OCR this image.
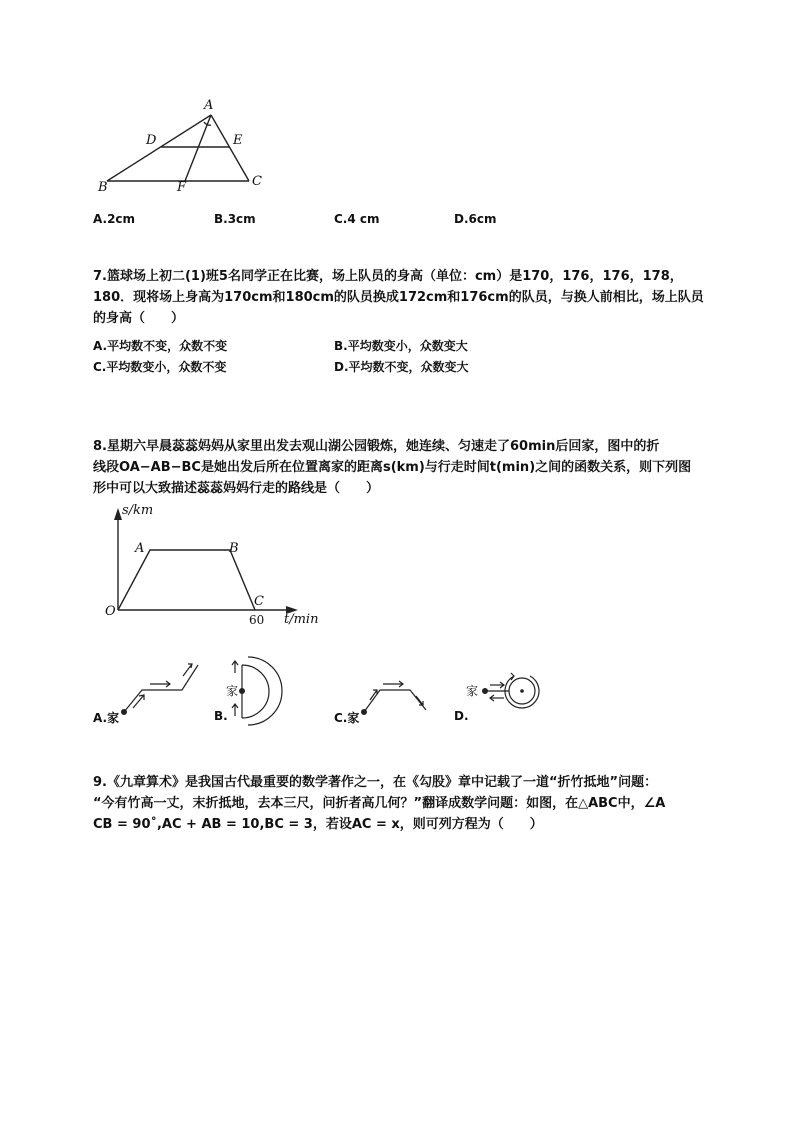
A
D	E
B	F	C
A.2cm	B.3cm	C.4 cm	D.6cm
7.篮球场上初二(1)班5名同学正在比赛，场上队员的身高（单位：cm）是170，176，176，178，
180．现将场上身高为170cm和180cm的队员换成172cm和176cm的队员，与换人前相比，场上队员
的身高（　　）
A.平均数不变，众数不变	B.平均数变小，众数变大
C.平均数变小，众数不变	D.平均数不变，众数变大
8.星期六早晨蕊蕊妈妈从家里出发去观山湖公园锻炼，她连续、匀速走了60min后回家，图中的折
线段OA−AB−BC是她出发后所在位置离家的距离s(km)与行走时间t(min)之间的函数关系，则下列图
形中可以大致描述蕊蕊妈妈行走的路线是（　　）
s/km
t/min
O
A	B
C
60
A.家	B.
家
C.家	D.
家
9.《九章算术》是我国古代最重要的数学著作之一，在《勾股》章中记载了一道“折竹抵地”问题：
“今有竹高一丈，末折抵地，去本三尺，问折者高几何？”翻译成数学问题：如图，在△ABC中，∠A
CB = 90˚,AC + AB = 10,BC = 3，若设AC = x，则可列方程为（　　）
